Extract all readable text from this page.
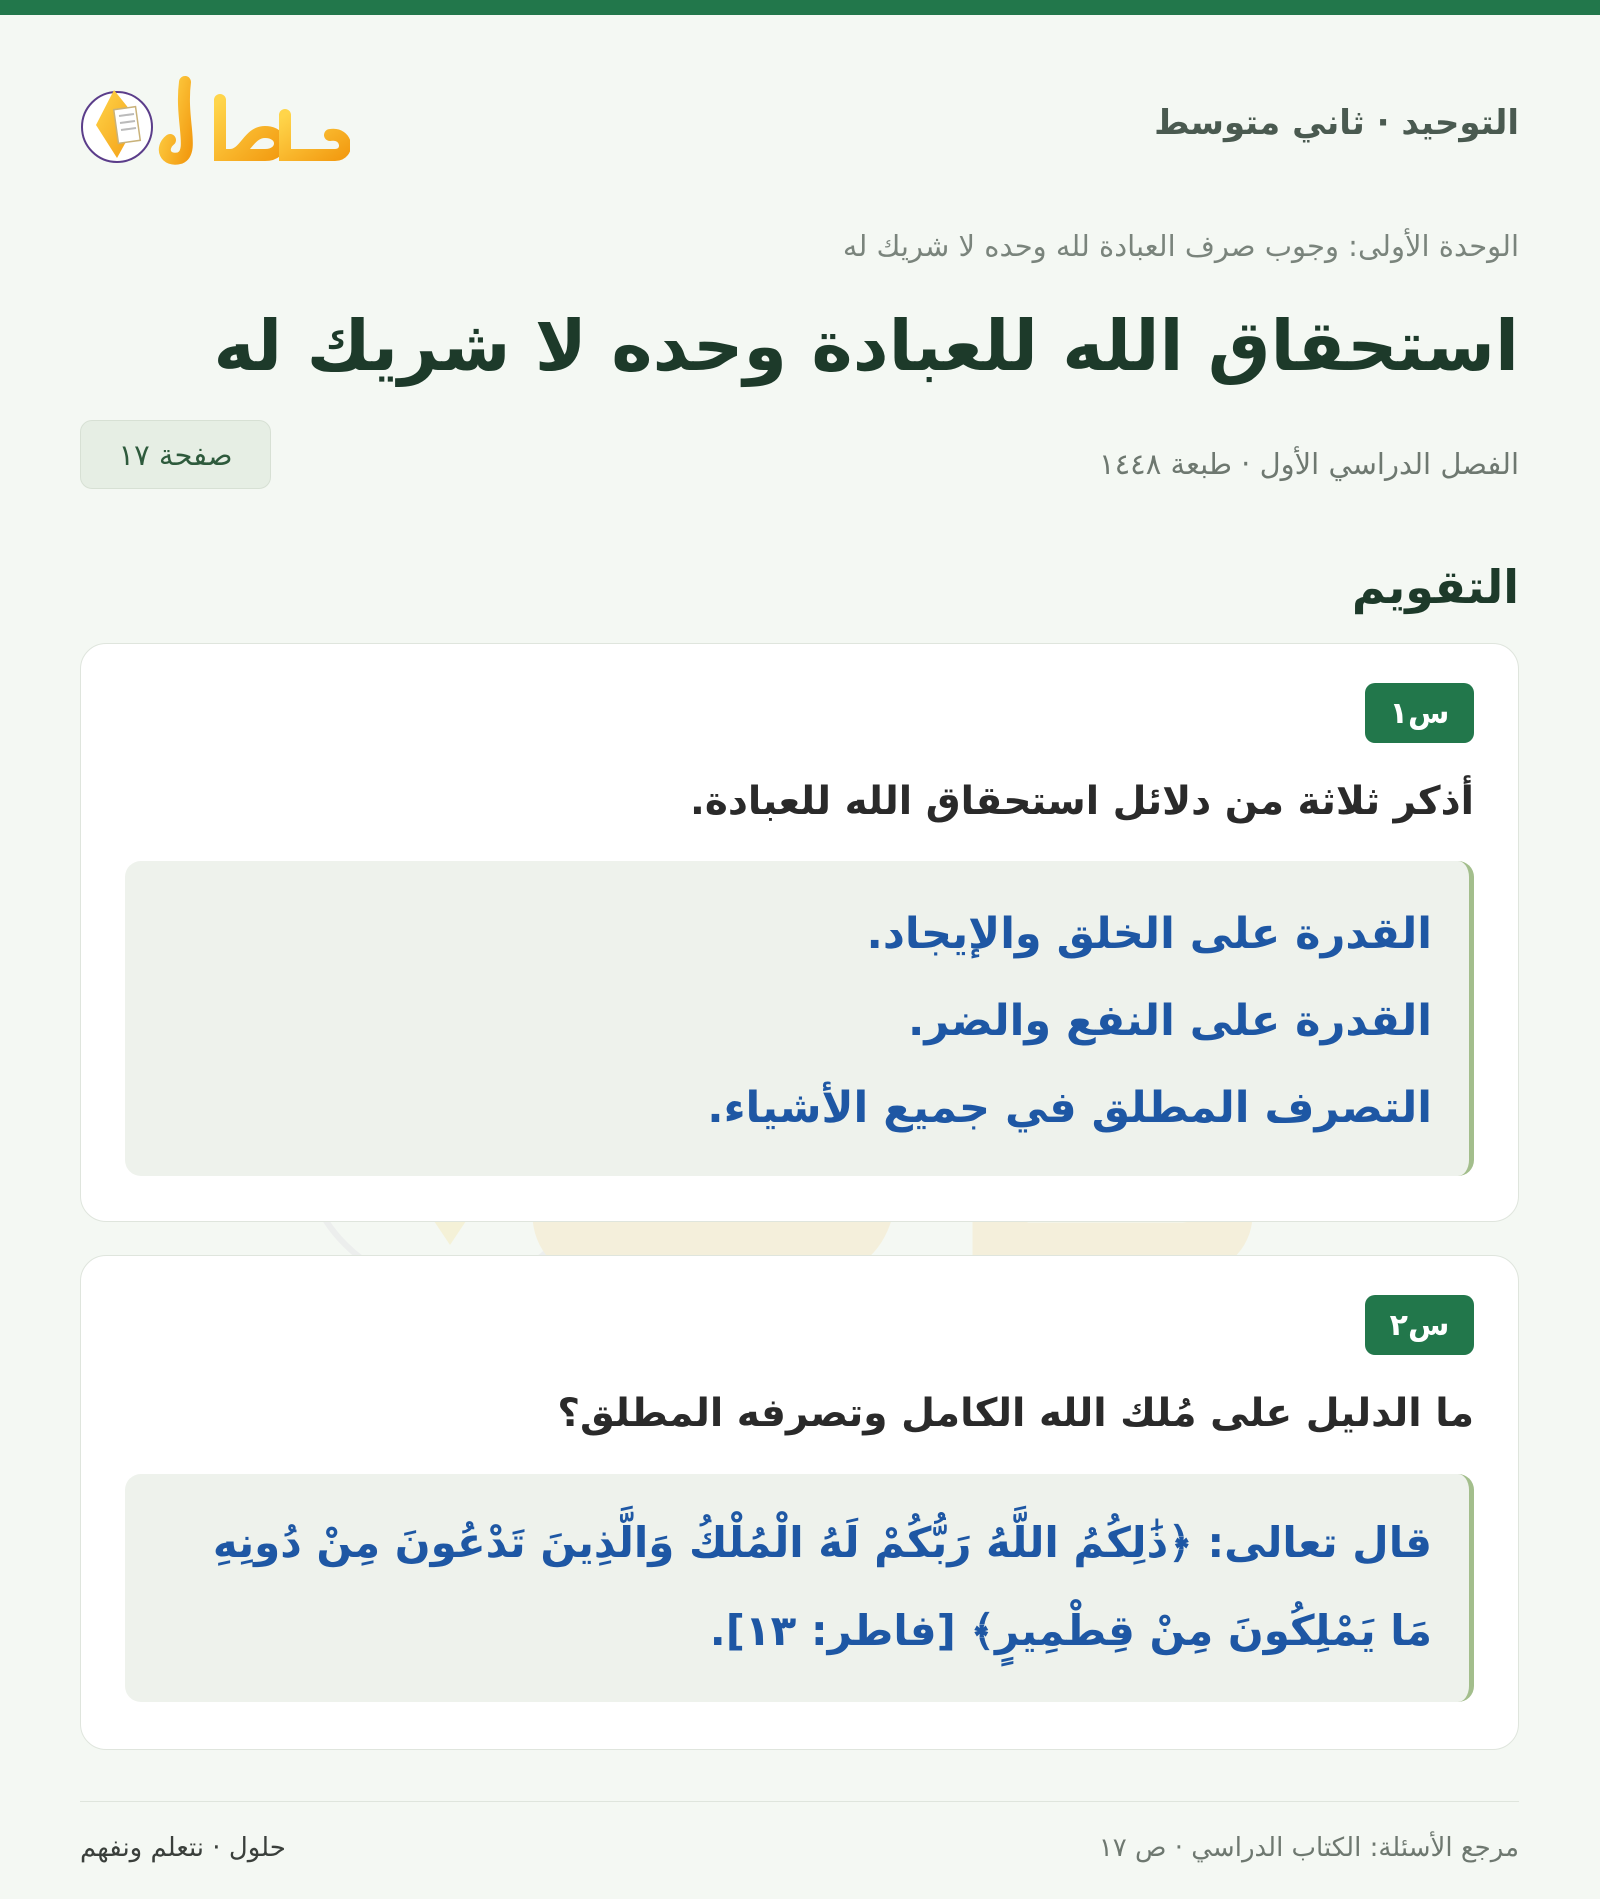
التوحيد · ثاني متوسط
الوحدة الأولى: وجوب صرف العبادة لله وحده لا شريك له
استحقاق الله للعبادة وحده لا شريك له
الفصل الدراسي الأول · طبعة ١٤٤٨
صفحة ١٧
التقويم
س١
أذكر ثلاثة من دلائل استحقاق الله للعبادة.
القدرة على الخلق والإيجاد.
القدرة على النفع والضر.
التصرف المطلق في جميع الأشياء.
س٢
ما الدليل على مُلك الله الكامل وتصرفه المطلق؟
قال تعالى: ﴿ذَٰلِكُمُ اللَّهُ رَبُّكُمْ لَهُ الْمُلْكُ وَالَّذِينَ تَدْعُونَ مِنْ دُونِهِ مَا يَمْلِكُونَ مِنْ قِطْمِيرٍ﴾ [فاطر: ١٣].
حلول · نتعلم ونفهم	مرجع الأسئلة: الكتاب الدراسي · ص ١٧
